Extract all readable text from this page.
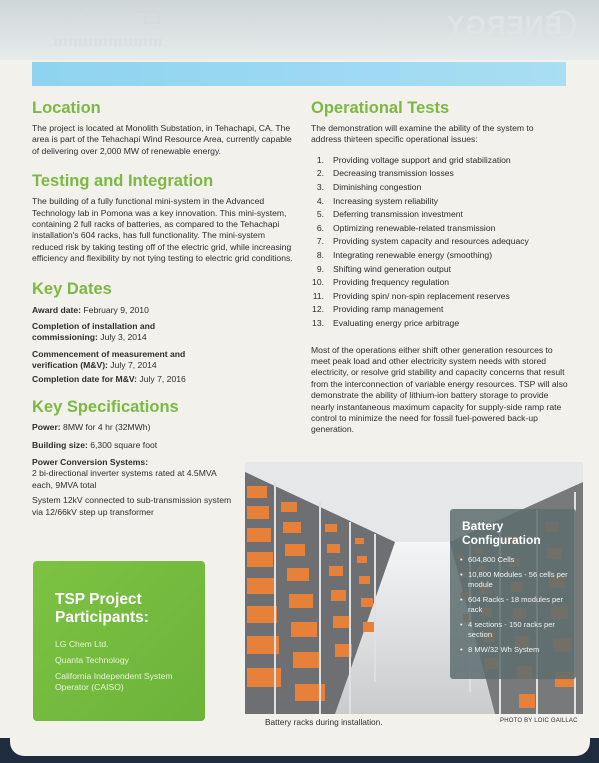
EDISON	ENERGY
Location

The project is located at Monolith Substation, in Tehachapi, CA. The area is part of the Tehachapi Wind Resource Area, currently capable of delivering over 2,000 MW of renewable energy.

Testing and Integration

The building of a fully functional mini-system in the Advanced Technology lab in Pomona was a key innovation. This mini-system, containing 2 full racks of batteries, as compared to the Tehachapi installation's 604 racks, has full functionality. The mini-system reduced risk by taking testing off of the electric grid, while increasing efficiency and flexibility by not tying testing to electric grid conditions.

Key Dates
Award date: February 9, 2010
Completion of installation and commissioning: July 3, 2014
Commencement of measurement and verification (M&V): July 7, 2014
Completion date for M&V: July 7, 2016
Key Specifications
Power: 8MW for 4 hr (32MWh)
Building size: 6,300 square foot
Power Conversion Systems:
2 bi-directional inverter systems rated at 4.5MVA each, 9MVA total
System 12kV connected to sub-transmission system via 12/66kV step up transformer
TSP Project
Participants:
LG Chem Ltd.
Quanta Technology
California Independent System Operator (CAISO)
Operational Tests

The demonstration will examine the ability of the system to address thirteen specific operational issues:

1.	Providing voltage support and grid stabilization
2.	Decreasing transmission losses
3.	Diminishing congestion
4.	Increasing system reliability
5.	Deferring transmission investment
6.	Optimizing renewable-related transmission
7.	Providing system capacity and resources adequacy
8.	Integrating renewable energy (smoothing)
9.	Shifting wind generation output
10.	Providing frequency regulation
11.	Providing spin/ non-spin replacement reserves
12.	Providing ramp management
13.	Evaluating energy price arbitrage

Most of the operations either shift other generation resources to meet peak load and other electricity system needs with stored electricity, or resolve grid stability and capacity concerns that result from the interconnection of variable energy resources. TSP will also demonstrate the ability of lithium-ion battery storage to provide nearly instantaneous maximum capacity for supply-side ramp rate control to minimize the need for fossil fuel-powered back-up generation.

Battery
Configuration
• 604,800 Cells
• 10,800 Modules - 56 cells per module
• 604 Racks - 18 modules per rack
• 4 sections - 150 racks per section
• 8 MW/32 Wh System
Battery racks during installation.	PHOTO BY LOIC GAILLAC
